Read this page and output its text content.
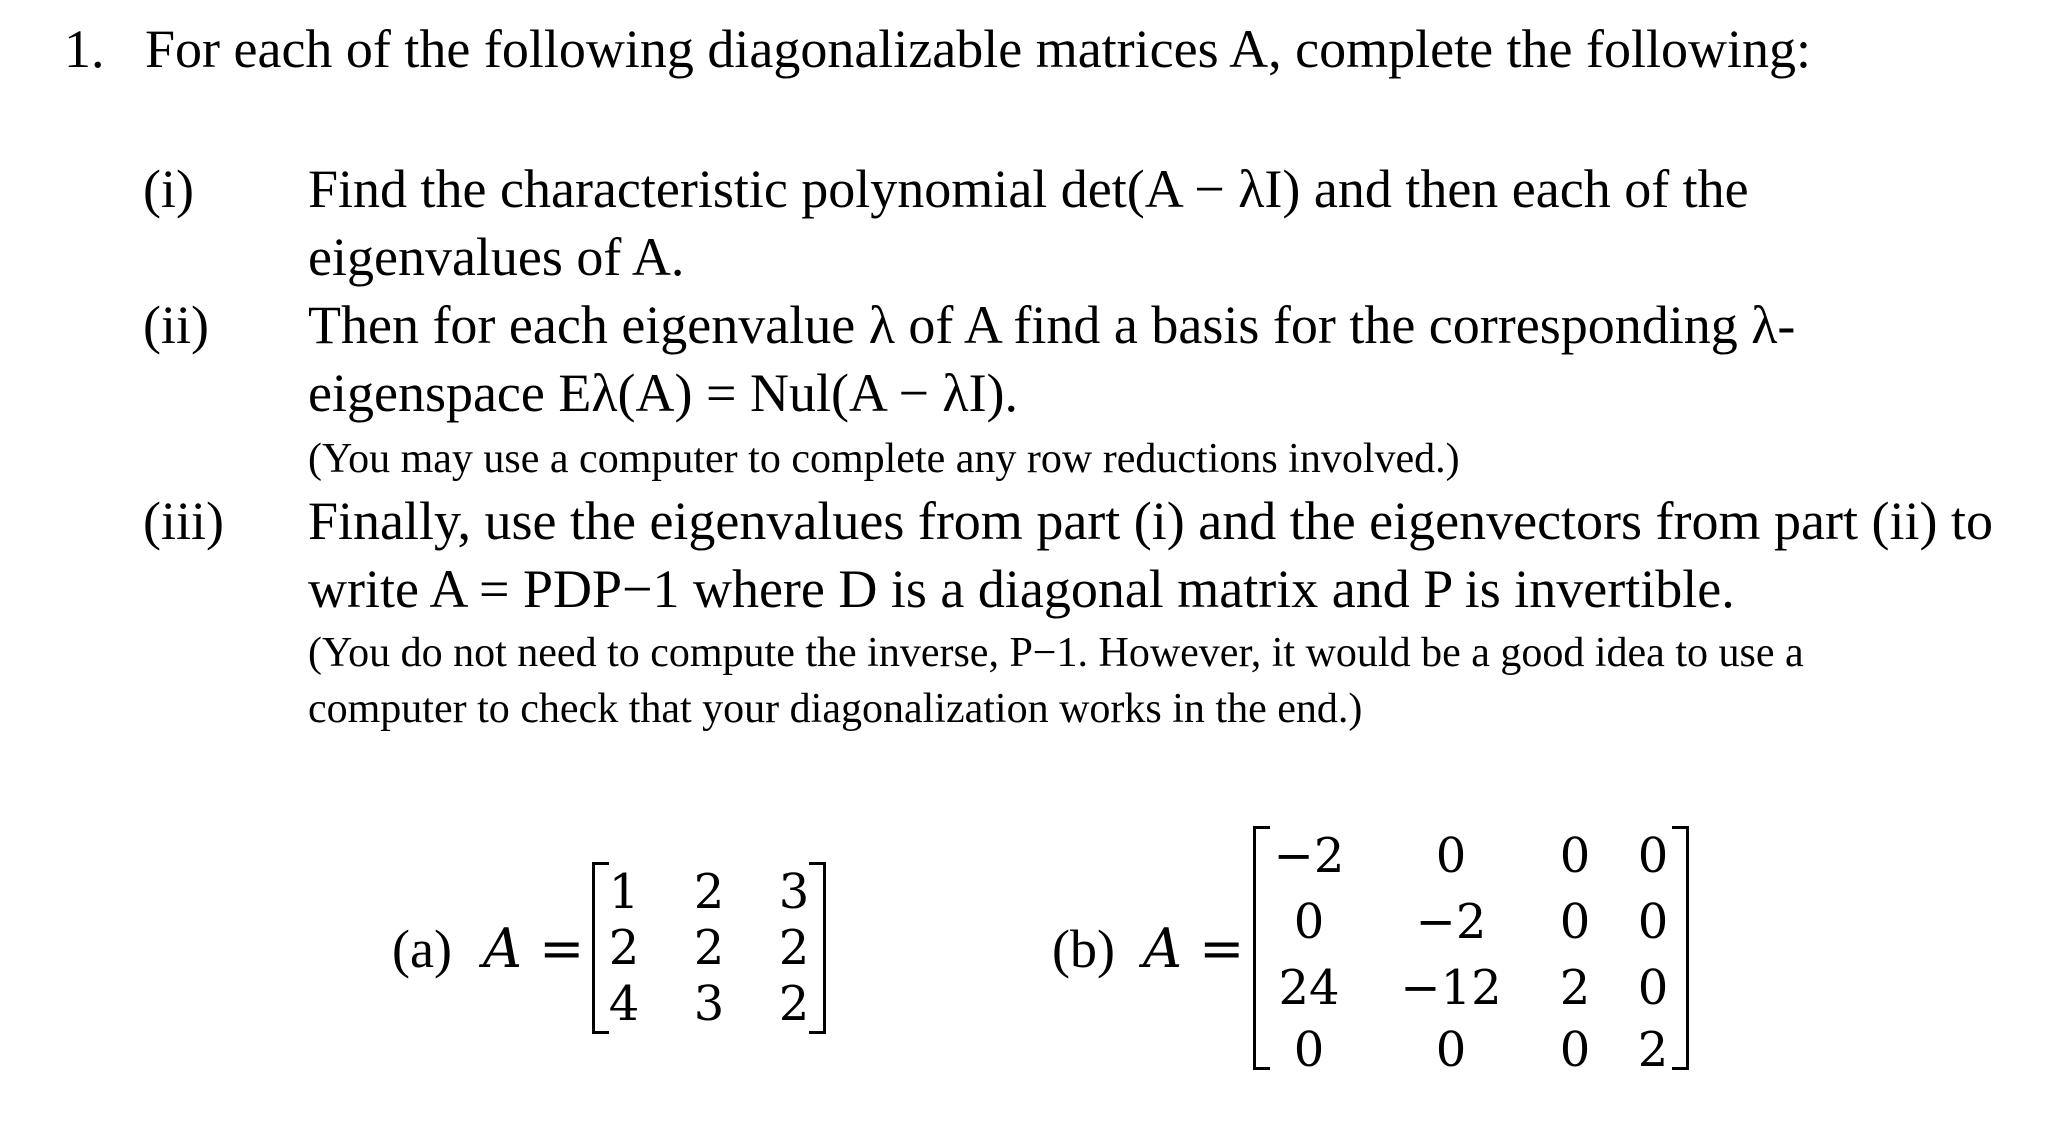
1. For each of the following diagonalizable matrices A, complete the following:
(i) Find the characteristic polynomial det(A − λI) and then each of the
eigenvalues of A.
(ii) Then for each eigenvalue λ of A find a basis for the corresponding λ-
eigenspace Eλ(A) = Nul(A − λI).
(You may use a computer to complete any row reductions involved.)
(iii) Finally, use the eigenvalues from part (i) and the eigenvectors from part (ii) to
write A = PDP−1 where D is a diagonal matrix and P is invertible.
(You do not need to compute the inverse, P−1. However, it would be a good idea to use a
computer to check that your diagonalization works in the end.)
(a) A =
1 2 3
2 2 2
4 3 2
(b) A =
−2 0 0 0
0 −2 0 0
24 −12 2 0
0 0 0 2
